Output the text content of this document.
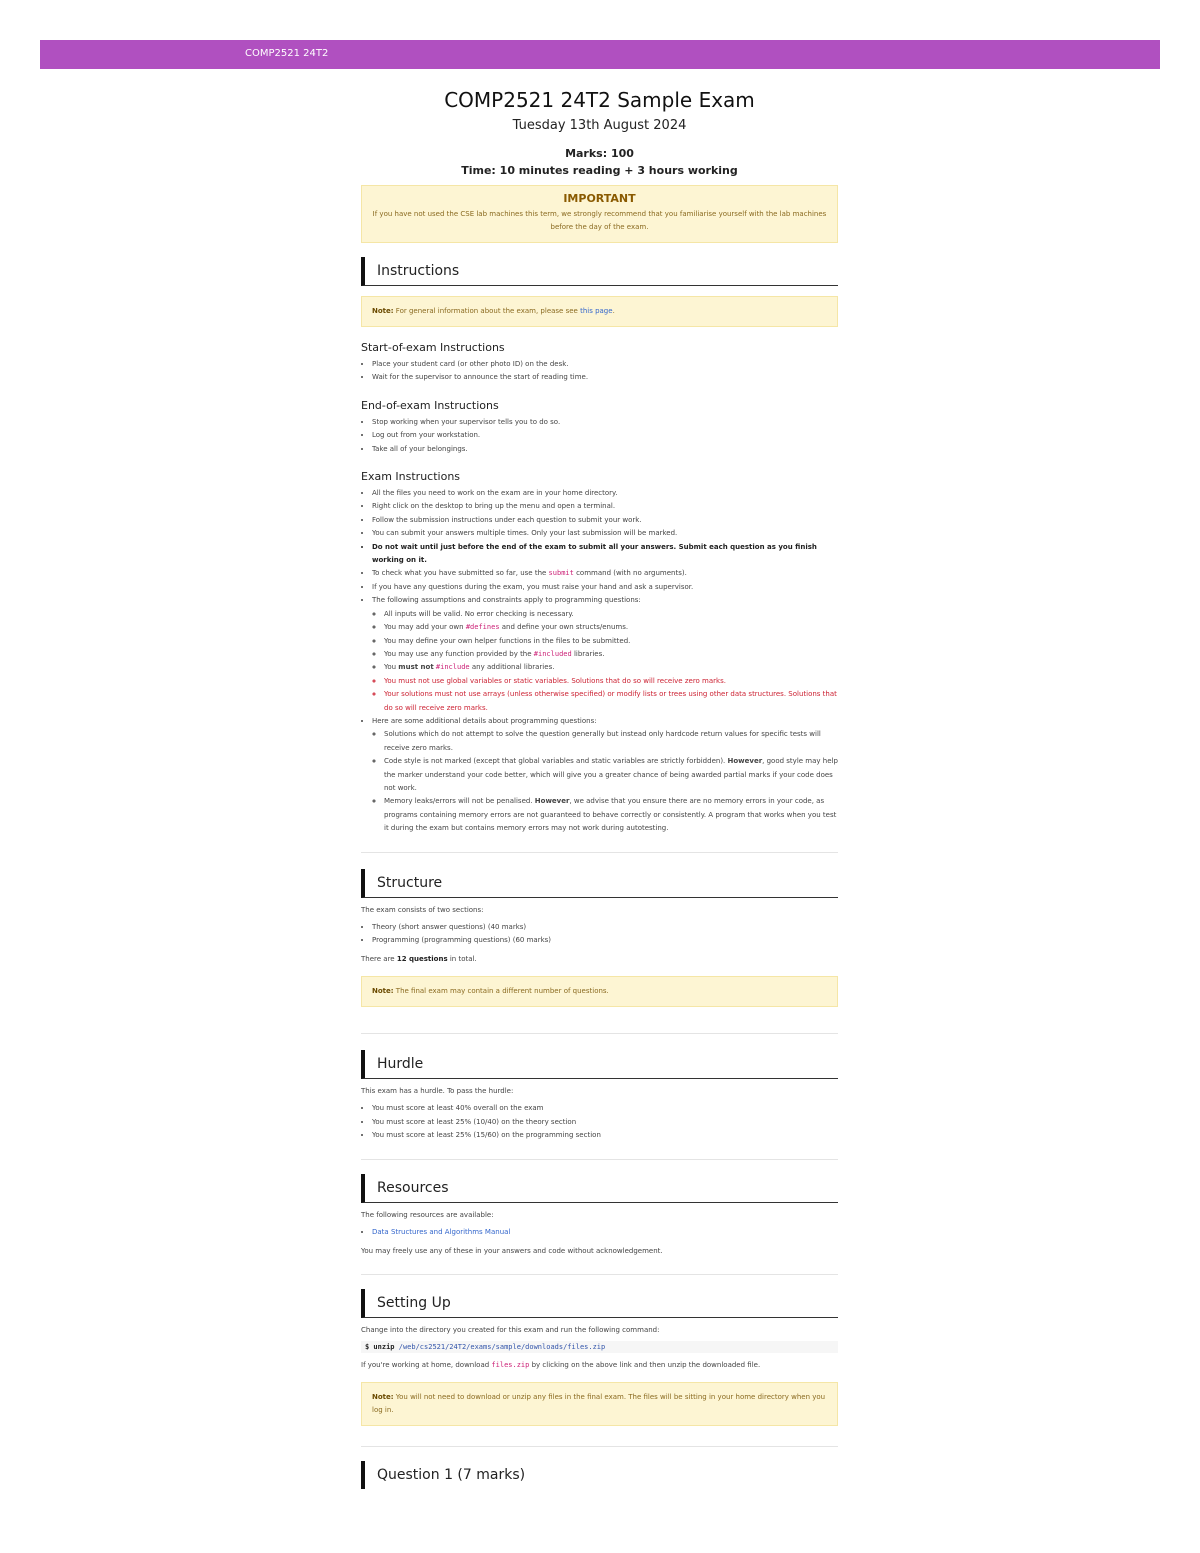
COMP2521 24T2
COMP2521 24T2 Sample Exam
Tuesday 13th August 2024
Marks: 100
Time: 10 minutes reading + 3 hours working
IMPORTANT

If you have not used the CSE lab machines this term, we strongly recommend that you familiarise yourself with the lab machines before the day of the exam.

Instructions
Note: For general information about the exam, please see this page.
Start-of-exam Instructions
• Place your student card (or other photo ID) on the desk.
• Wait for the supervisor to announce the start of reading time.
End-of-exam Instructions
• Stop working when your supervisor tells you to do so.
• Log out from your workstation.
• Take all of your belongings.
Exam Instructions
• All the files you need to work on the exam are in your home directory.
• Right click on the desktop to bring up the menu and open a terminal.
• Follow the submission instructions under each question to submit your work.
• You can submit your answers multiple times. Only your last submission will be marked.
• Do not wait until just before the end of the exam to submit all your answers. Submit each question as you finish working on it.
• To check what you have submitted so far, use the submit command (with no arguments).
• If you have any questions during the exam, you must raise your hand and ask a supervisor.
• The following assumptions and constraints apply to programming questions:
◦ All inputs will be valid. No error checking is necessary.
◦ You may add your own #defines and define your own structs/enums.
◦ You may define your own helper functions in the files to be submitted.
◦ You may use any function provided by the #included libraries.
◦ You must not #include any additional libraries.
◦ You must not use global variables or static variables. Solutions that do so will receive zero marks.
◦ Your solutions must not use arrays (unless otherwise specified) or modify lists or trees using other data structures. Solutions that do so will receive zero marks.
• Here are some additional details about programming questions:
◦ Solutions which do not attempt to solve the question generally but instead only hardcode return values for specific tests will receive zero marks.
◦ Code style is not marked (except that global variables and static variables are strictly forbidden). However, good style may help the marker understand your code better, which will give you a greater chance of being awarded partial marks if your code does not work.
◦ Memory leaks/errors will not be penalised. However, we advise that you ensure there are no memory errors in your code, as programs containing memory errors are not guaranteed to behave correctly or consistently. A program that works when you test it during the exam but contains memory errors may not work during autotesting.
Structure

The exam consists of two sections:

• Theory (short answer questions) (40 marks)
• Programming (programming questions) (60 marks)

There are 12 questions in total.

Note: The final exam may contain a different number of questions.
Hurdle

This exam has a hurdle. To pass the hurdle:

• You must score at least 40% overall on the exam
• You must score at least 25% (10/40) on the theory section
• You must score at least 25% (15/60) on the programming section
Resources

The following resources are available:

• Data Structures and Algorithms Manual

You may freely use any of these in your answers and code without acknowledgement.

Setting Up

Change into the directory you created for this exam and run the following command:

$ unzip /web/cs2521/24T2/exams/sample/downloads/files.zip

If you're working at home, download files.zip by clicking on the above link and then unzip the downloaded file.

Note: You will not need to download or unzip any files in the final exam. The files will be sitting in your home directory when you log in.
Question 1 (7 marks)
